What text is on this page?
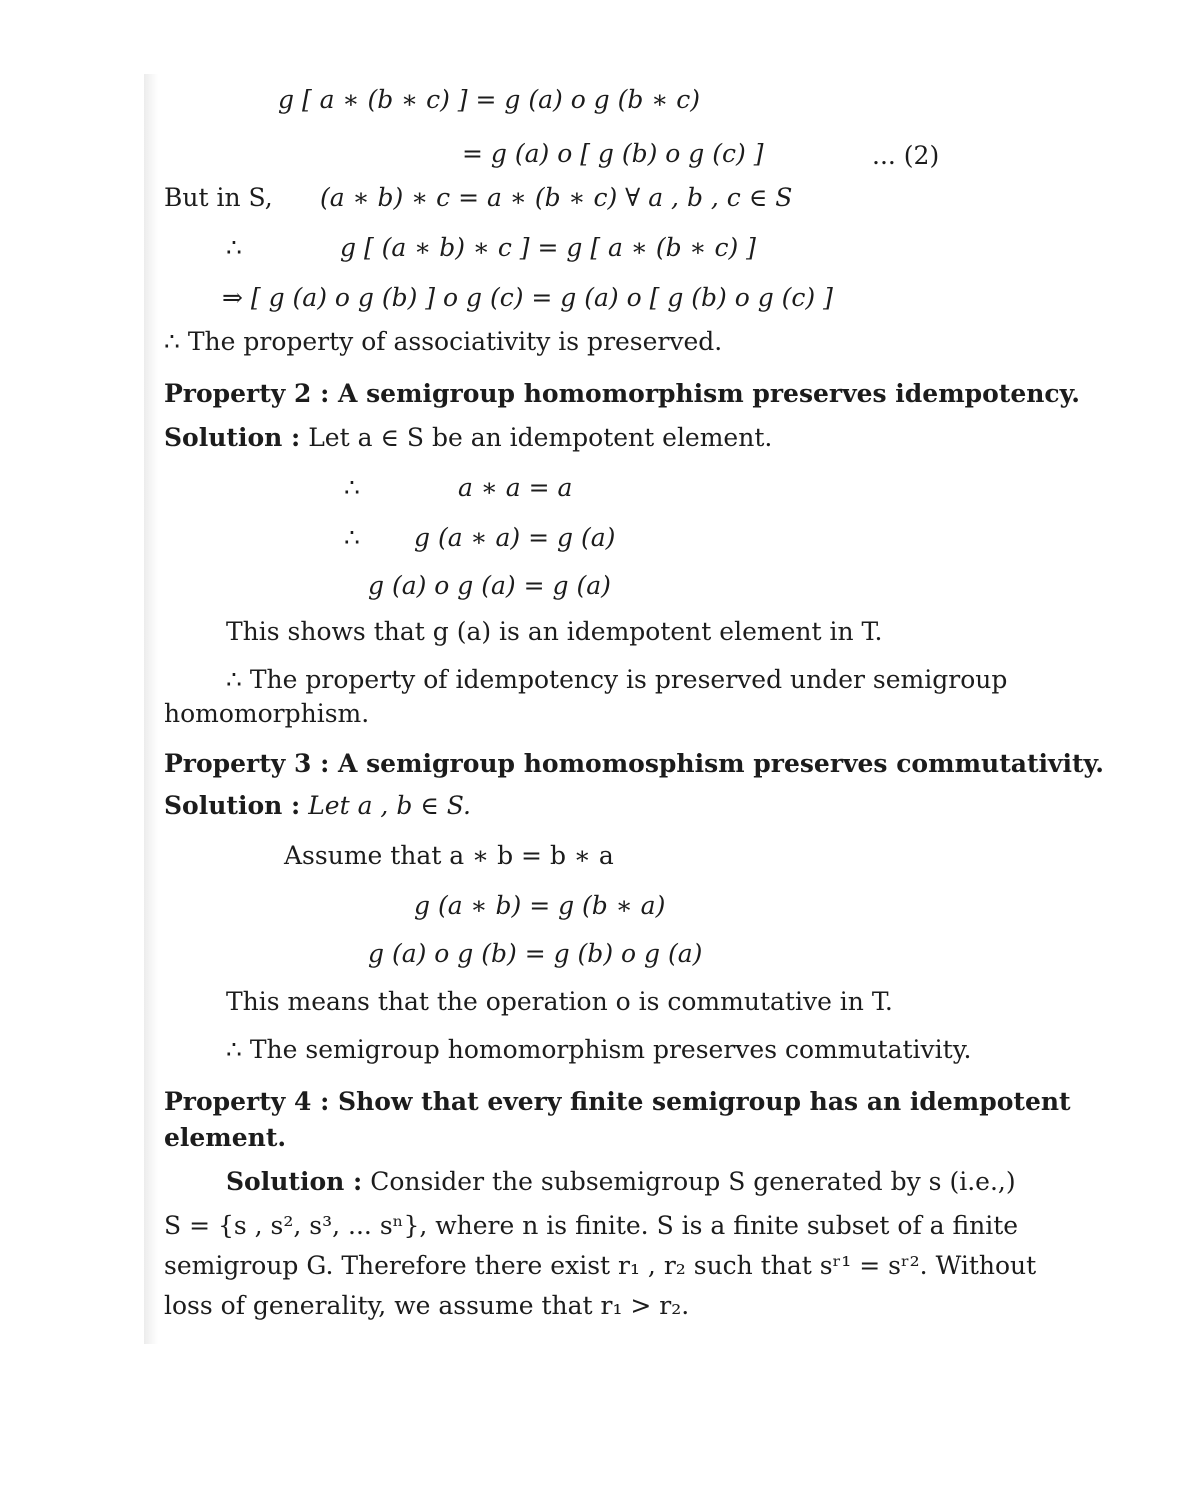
g [ a ∗ (b ∗ c) ] = g (a) o g (b ∗ c)
= g (a) o [ g (b) o g (c) ]	... (2)
But in S, (a ∗ b) ∗ c = a ∗ (b ∗ c) ∀ a , b , c ∈ S
∴	g [ (a ∗ b) ∗ c ] = g [ a ∗ (b ∗ c) ]
⇒ [ g (a) o g (b) ] o g (c) = g (a) o [ g (b) o g (c) ]
∴ The property of associativity is preserved.
Property 2 : A semigroup homomorphism preserves idempotency.
Solution : Let a ∈ S be an idempotent element.
∴	a ∗ a = a
∴ g (a ∗ a) = g (a)
g (a) o g (a) = g (a)
This shows that g (a) is an idempotent element in T.
∴ The property of idempotency is preserved under semigroup
homomorphism.
Property 3 : A semigroup homomosphism preserves commutativity.
Solution : Let a , b ∈ S.
Assume that a ∗ b = b ∗ a
g (a ∗ b) = g (b ∗ a)
g (a) o g (b) = g (b) o g (a)
This means that the operation o is commutative in T.
∴ The semigroup homomorphism preserves commutativity.
Property 4 : Show that every finite semigroup has an idempotent
element.
Solution : Consider the subsemigroup S generated by s (i.e.,)
S = {s , s², s³, ... sⁿ}, where n is finite. S is a finite subset of a finite
semigroup G. Therefore there exist r₁ , r₂ such that sʳ¹ = sʳ². Without
loss of generality, we assume that r₁ > r₂.
